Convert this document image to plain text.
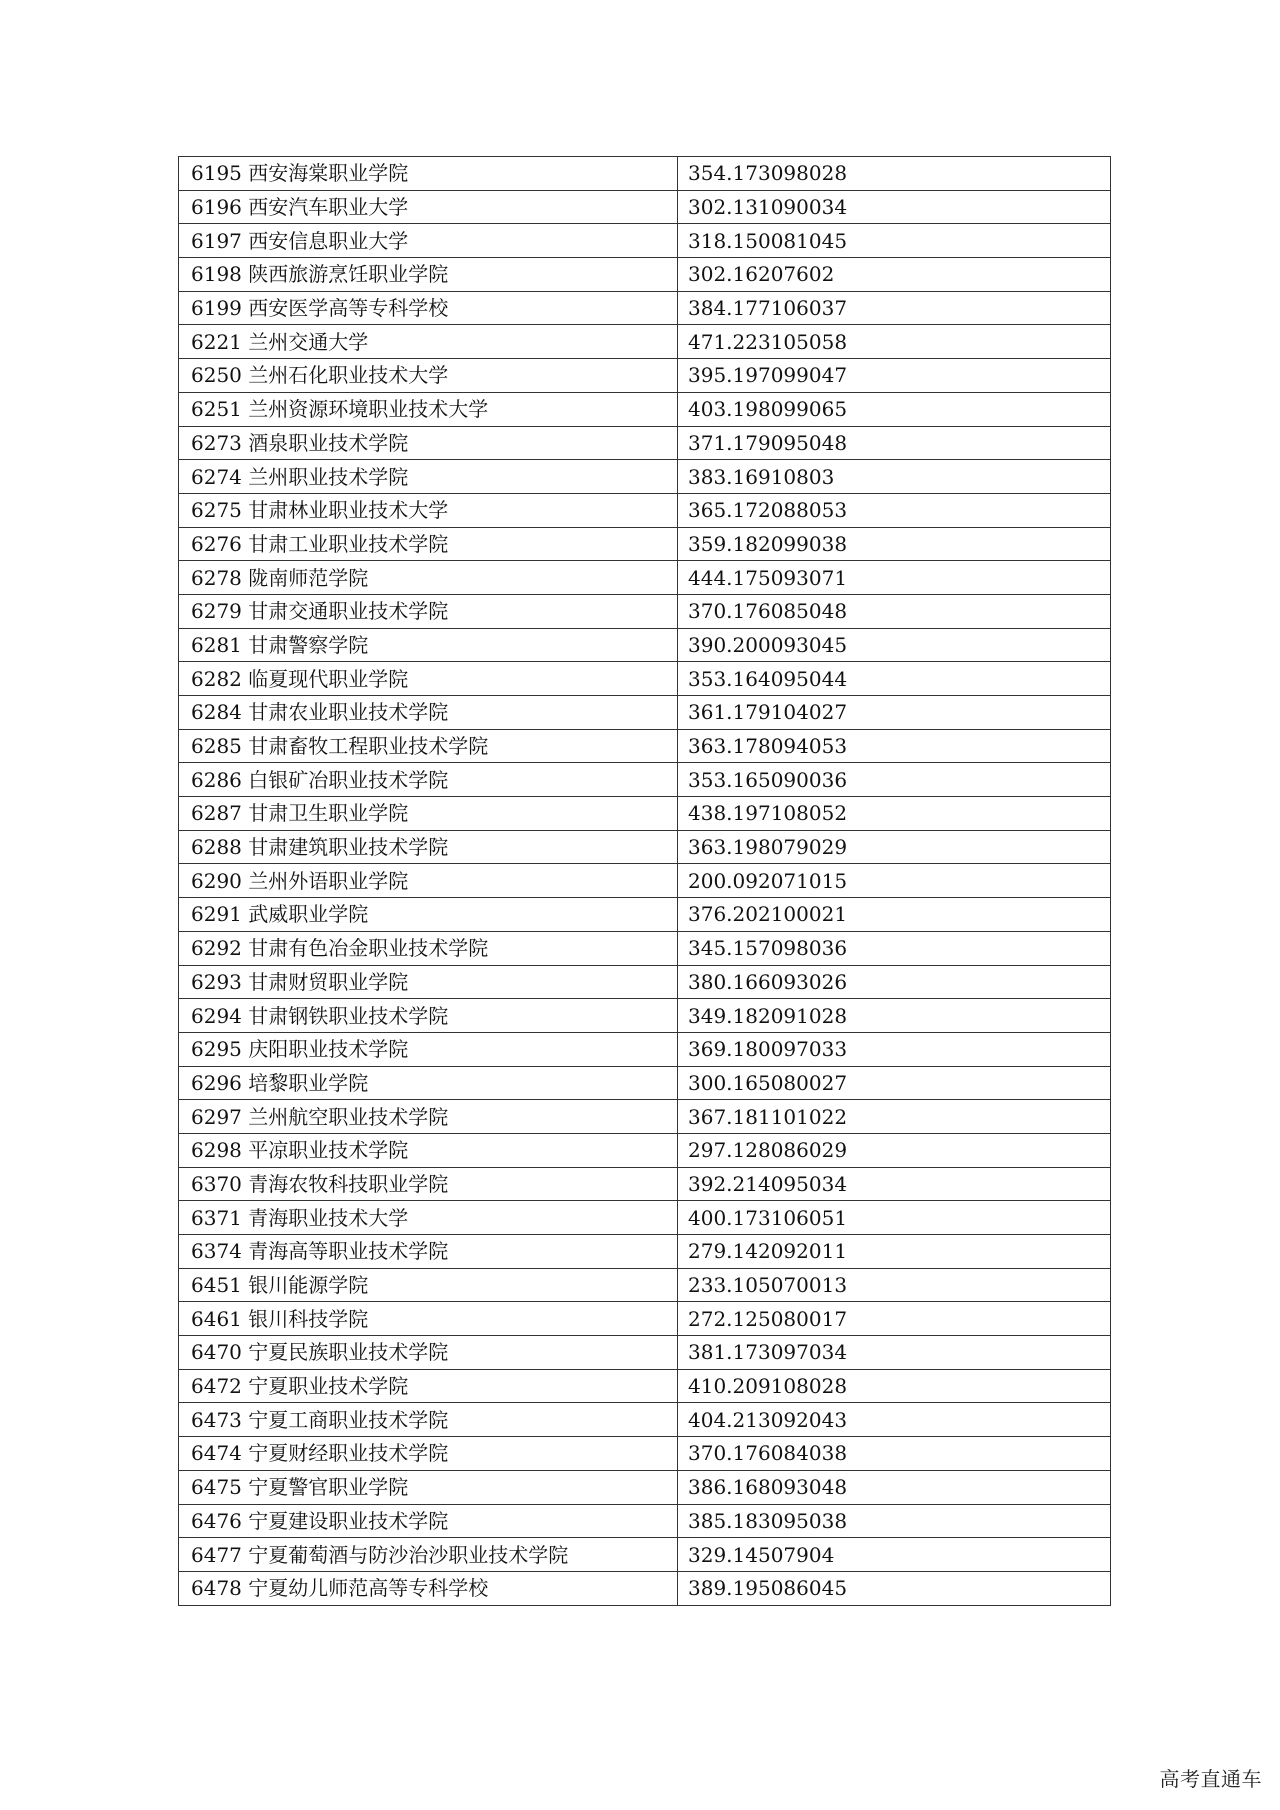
6195 西安海棠职业学院	354.173098028
6196 西安汽车职业大学	302.131090034
6197 西安信息职业大学	318.150081045
6198 陕西旅游烹饪职业学院	302.16207602
6199 西安医学高等专科学校	384.177106037
6221 兰州交通大学	471.223105058
6250 兰州石化职业技术大学	395.197099047
6251 兰州资源环境职业技术大学	403.198099065
6273 酒泉职业技术学院	371.179095048
6274 兰州职业技术学院	383.16910803
6275 甘肃林业职业技术大学	365.172088053
6276 甘肃工业职业技术学院	359.182099038
6278 陇南师范学院	444.175093071
6279 甘肃交通职业技术学院	370.176085048
6281 甘肃警察学院	390.200093045
6282 临夏现代职业学院	353.164095044
6284 甘肃农业职业技术学院	361.179104027
6285 甘肃畜牧工程职业技术学院	363.178094053
6286 白银矿冶职业技术学院	353.165090036
6287 甘肃卫生职业学院	438.197108052
6288 甘肃建筑职业技术学院	363.198079029
6290 兰州外语职业学院	200.092071015
6291 武威职业学院	376.202100021
6292 甘肃有色冶金职业技术学院	345.157098036
6293 甘肃财贸职业学院	380.166093026
6294 甘肃钢铁职业技术学院	349.182091028
6295 庆阳职业技术学院	369.180097033
6296 培黎职业学院	300.165080027
6297 兰州航空职业技术学院	367.181101022
6298 平凉职业技术学院	297.128086029
6370 青海农牧科技职业学院	392.214095034
6371 青海职业技术大学	400.173106051
6374 青海高等职业技术学院	279.142092011
6451 银川能源学院	233.105070013
6461 银川科技学院	272.125080017
6470 宁夏民族职业技术学院	381.173097034
6472 宁夏职业技术学院	410.209108028
6473 宁夏工商职业技术学院	404.213092043
6474 宁夏财经职业技术学院	370.176084038
6475 宁夏警官职业学院	386.168093048
6476 宁夏建设职业技术学院	385.183095038
6477 宁夏葡萄酒与防沙治沙职业技术学院	329.14507904
6478 宁夏幼儿师范高等专科学校	389.195086045
高考直通车
